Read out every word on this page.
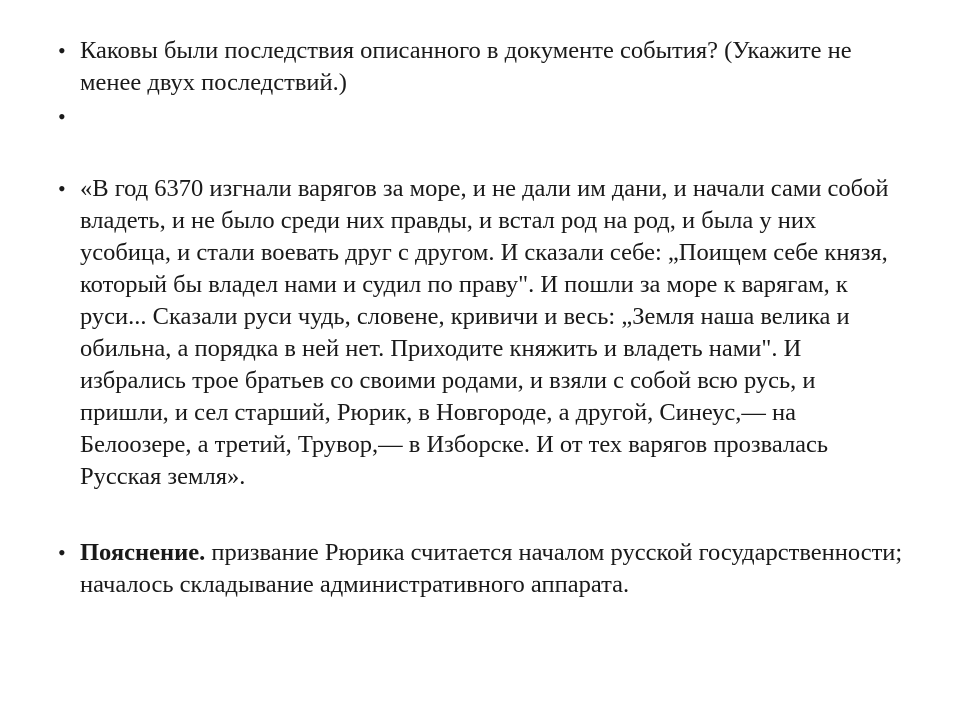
• Каковы были последствия описанного в документе события? (Укажите не менее двух последствий.)
•
• «В год 6370 изгнали варягов за море, и не дали им дани, и начали сами собой владеть, и не было среди них правды, и встал род на род, и была у них усобица, и стали воевать друг с другом. И сказали себе: „Поищем себе князя, который бы владел нами и судил по праву". И пошли за море к варягам, к руси... Сказали руси чудь, словене, кривичи и весь: „Земля наша велика и обильна, а порядка в ней нет. Приходите княжить и владеть нами". И избрались трое братьев со своими родами, и взяли с собой всю русь, и пришли, и сел старший, Рюрик, в Новгороде, а другой, Синеус,— на Белоозере, а третий, Трувор,— в Изборске. И от тех варягов прозвалась Русская земля».
• Пояснение. призвание Рюрика считается началом русской государственности; началось складывание административного аппарата.
